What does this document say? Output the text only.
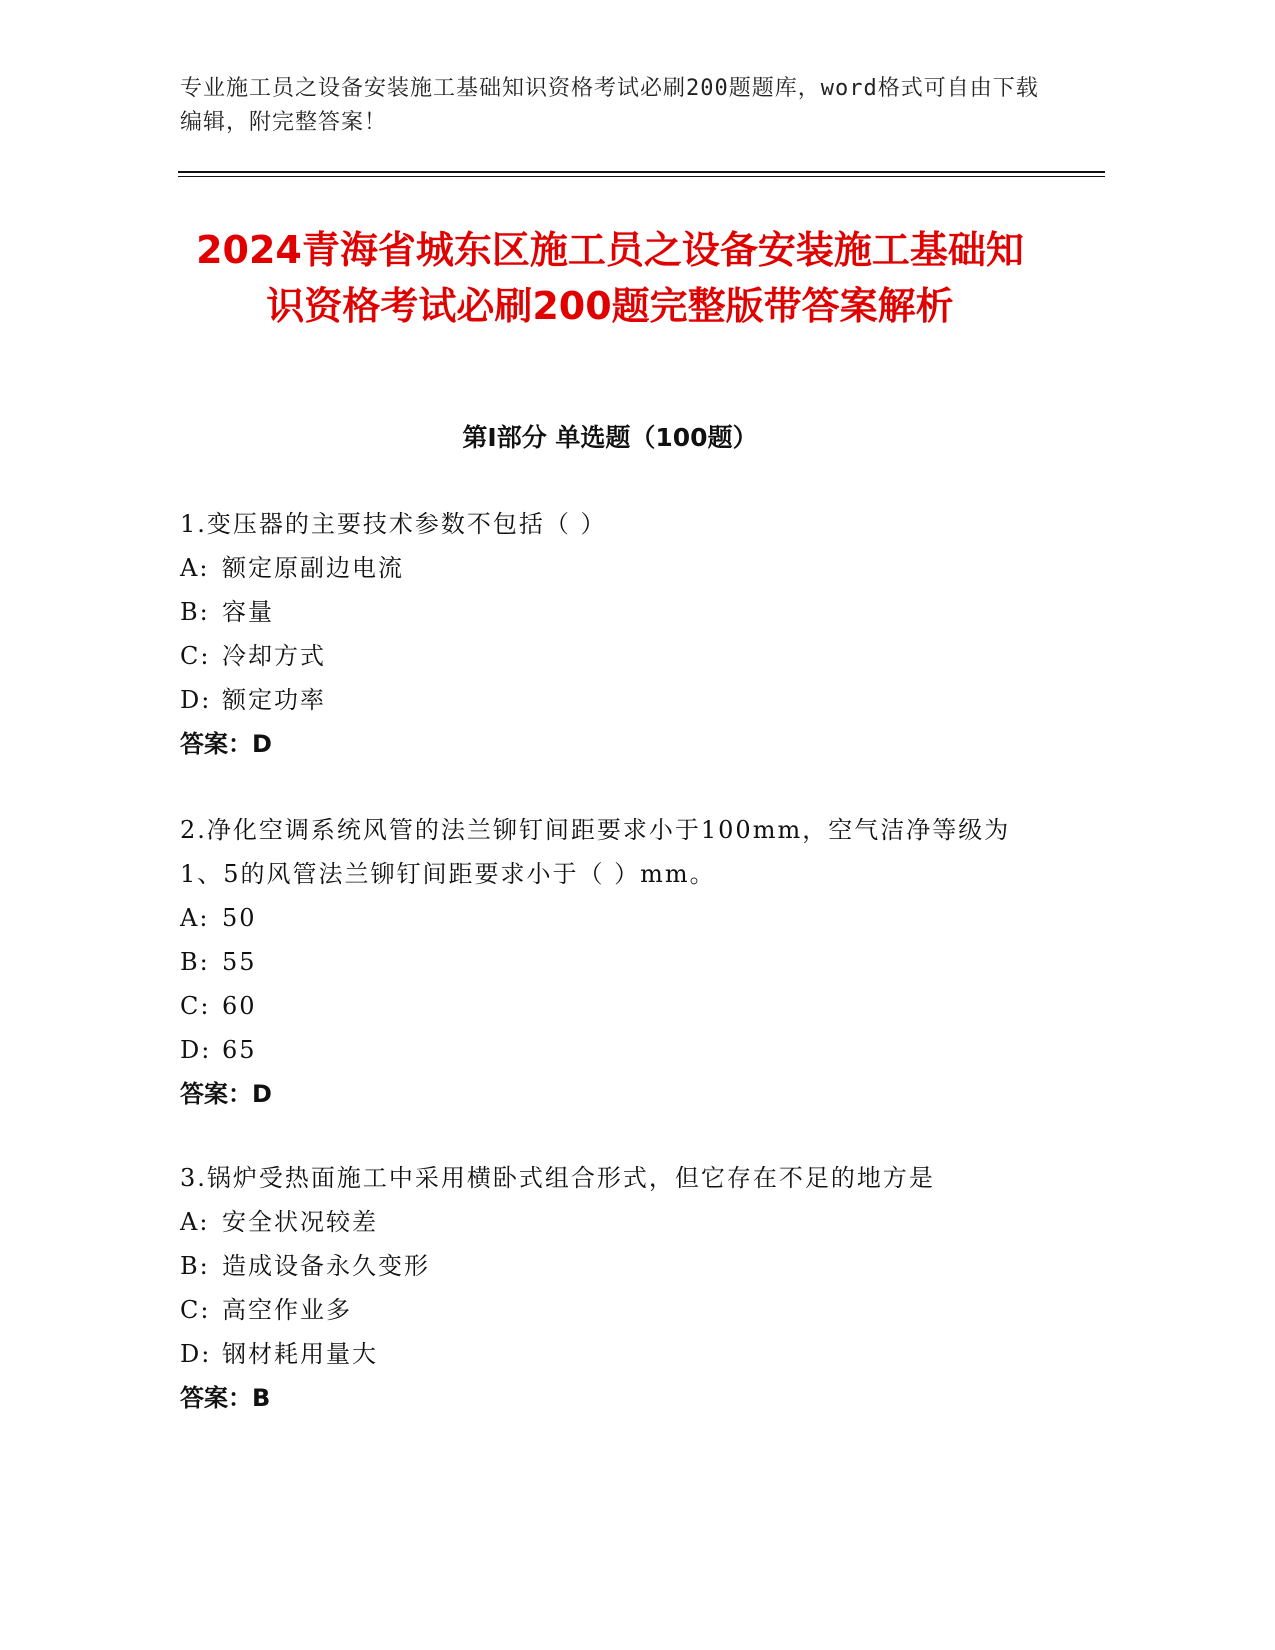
专业施工员之设备安装施工基础知识资格考试必刷200题题库，word格式可自由下载编辑，附完整答案！
2024青海省城东区施工员之设备安装施工基础知识资格考试必刷200题完整版带答案解析
第I部分 单选题（100题）

1.变压器的主要技术参数不包括（ ）

A: 额定原副边电流

B: 容量

C: 冷却方式

D: 额定功率

答案：D

2.净化空调系统风管的法兰铆钉间距要求小于100mm，空气洁净等级为1、5的风管法兰铆钉间距要求小于（ ）mm。

A: 50

B: 55

C: 60

D: 65

答案：D

3.锅炉受热面施工中采用横卧式组合形式，但它存在不足的地方是

A: 安全状况较差

B: 造成设备永久变形

C: 高空作业多

D: 钢材耗用量大

答案：B
